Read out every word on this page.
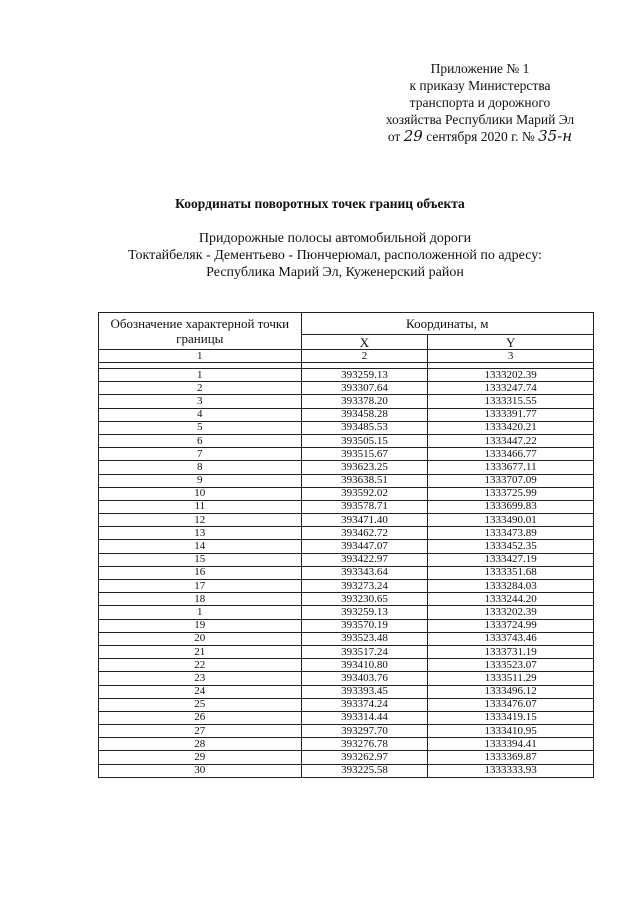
Приложение № 1
к приказу Министерства
транспорта и дорожного
хозяйства Республики Марий Эл
от 29 сентября 2020 г. № 35-н
Координаты поворотных точек границ объекта
Придорожные полосы автомобильной дороги
Токтайбеляк - Дементьево - Пюнчерюмал, расположенной по адресу:
Республика Марий Эл, Куженерский район
Обозначение характерной точки границы	Координаты, м	
	X	Y
1	2	3

1	393259.13	1333202.39
2	393307.64	1333247.74
3	393378.20	1333315.55
4	393458.28	1333391.77
5	393485.53	1333420.21
6	393505.15	1333447.22
7	393515.67	1333466.77
8	393623.25	1333677.11
9	393638.51	1333707.09
10	393592.02	1333725.99
11	393578.71	1333699.83
12	393471.40	1333490.01
13	393462.72	1333473.89
14	393447.07	1333452.35
15	393422.97	1333427.19
16	393343.64	1333351.68
17	393273.24	1333284.03
18	393230.65	1333244.20
1	393259.13	1333202.39
19	393570.19	1333724.99
20	393523.48	1333743.46
21	393517.24	1333731.19
22	393410.80	1333523.07
23	393403.76	1333511.29
24	393393.45	1333496.12
25	393374.24	1333476.07
26	393314.44	1333419.15
27	393297.70	1333410.95
28	393276.78	1333394.41
29	393262.97	1333369.87
30	393225.58	1333333.93
